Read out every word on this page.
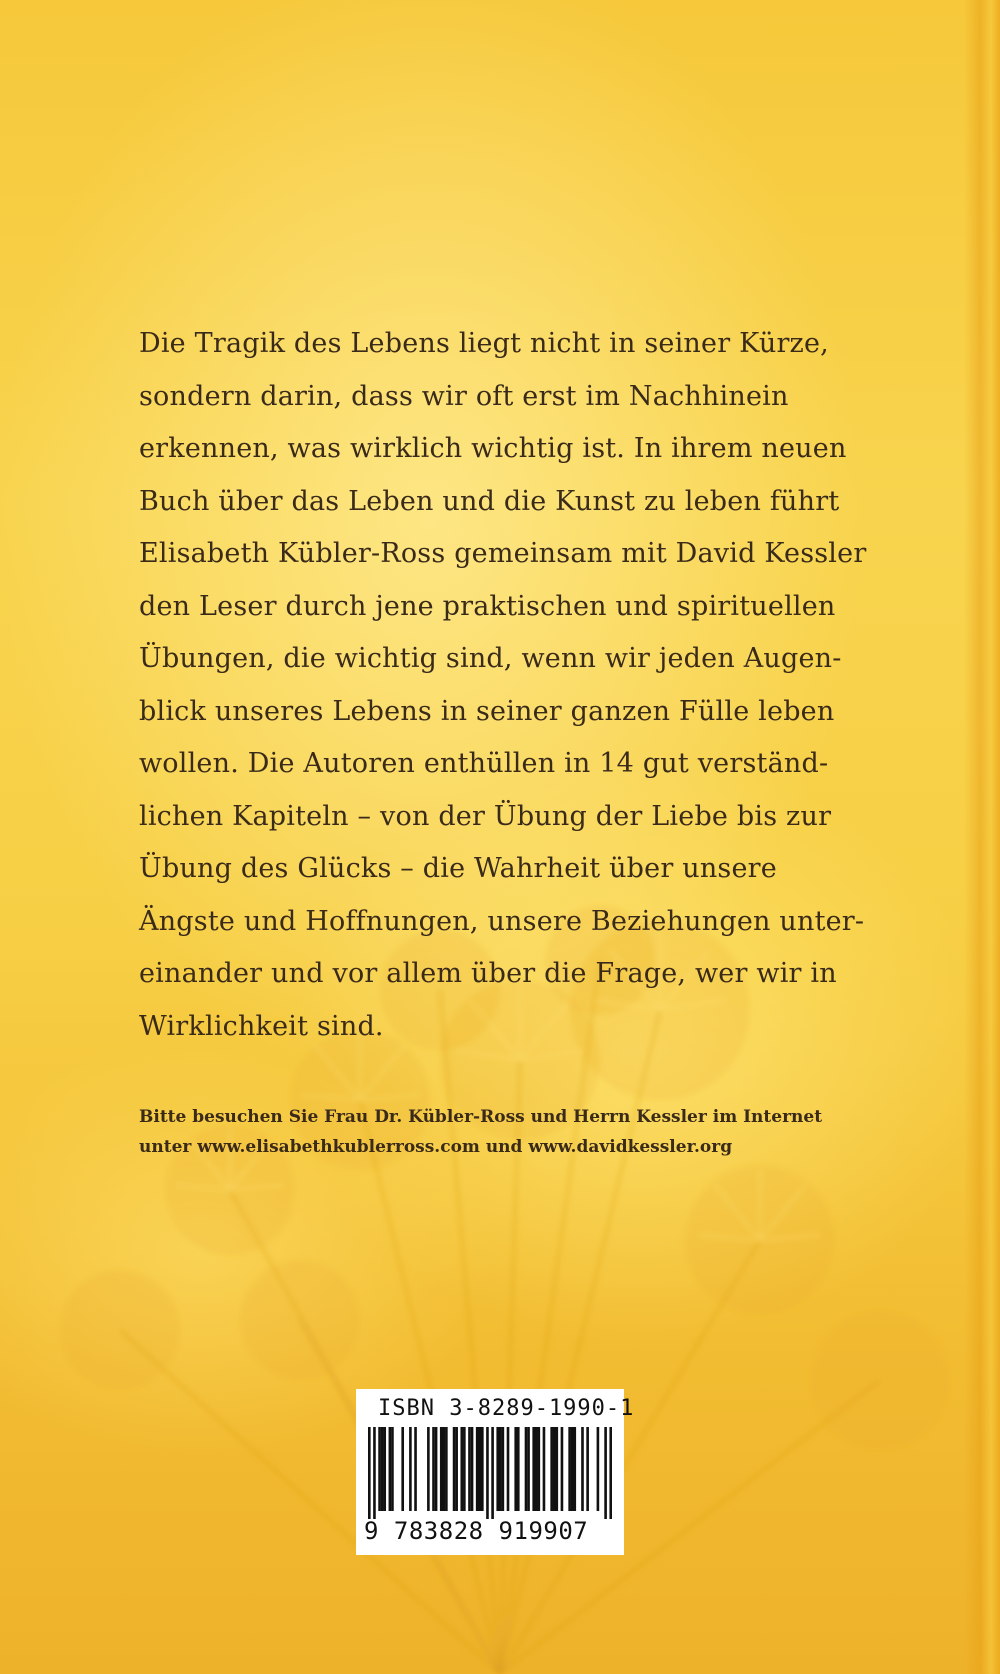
Die Tragik des Lebens liegt nicht in seiner Kürze,
sondern darin, dass wir oft erst im Nachhinein
erkennen, was wirklich wichtig ist. In ihrem neuen
Buch über das Leben und die Kunst zu leben führt
Elisabeth Kübler-Ross gemeinsam mit David Kessler
den Leser durch jene praktischen und spirituellen
Übungen, die wichtig sind, wenn wir jeden Augen-
blick unseres Lebens in seiner ganzen Fülle leben
wollen. Die Autoren enthüllen in 14 gut verständ-
lichen Kapiteln – von der Übung der Liebe bis zur
Übung des Glücks – die Wahrheit über unsere
Ängste und Hoffnungen, unsere Beziehungen unter-
einander und vor allem über die Frage, wer wir in
Wirklichkeit sind.

Bitte besuchen Sie Frau Dr. Kübler-Ross und Herrn Kessler im Internet
unter www.elisabethkublerross.com und www.davidkessler.org

ISBN 3-8289-1990-1
9 783828 919907
